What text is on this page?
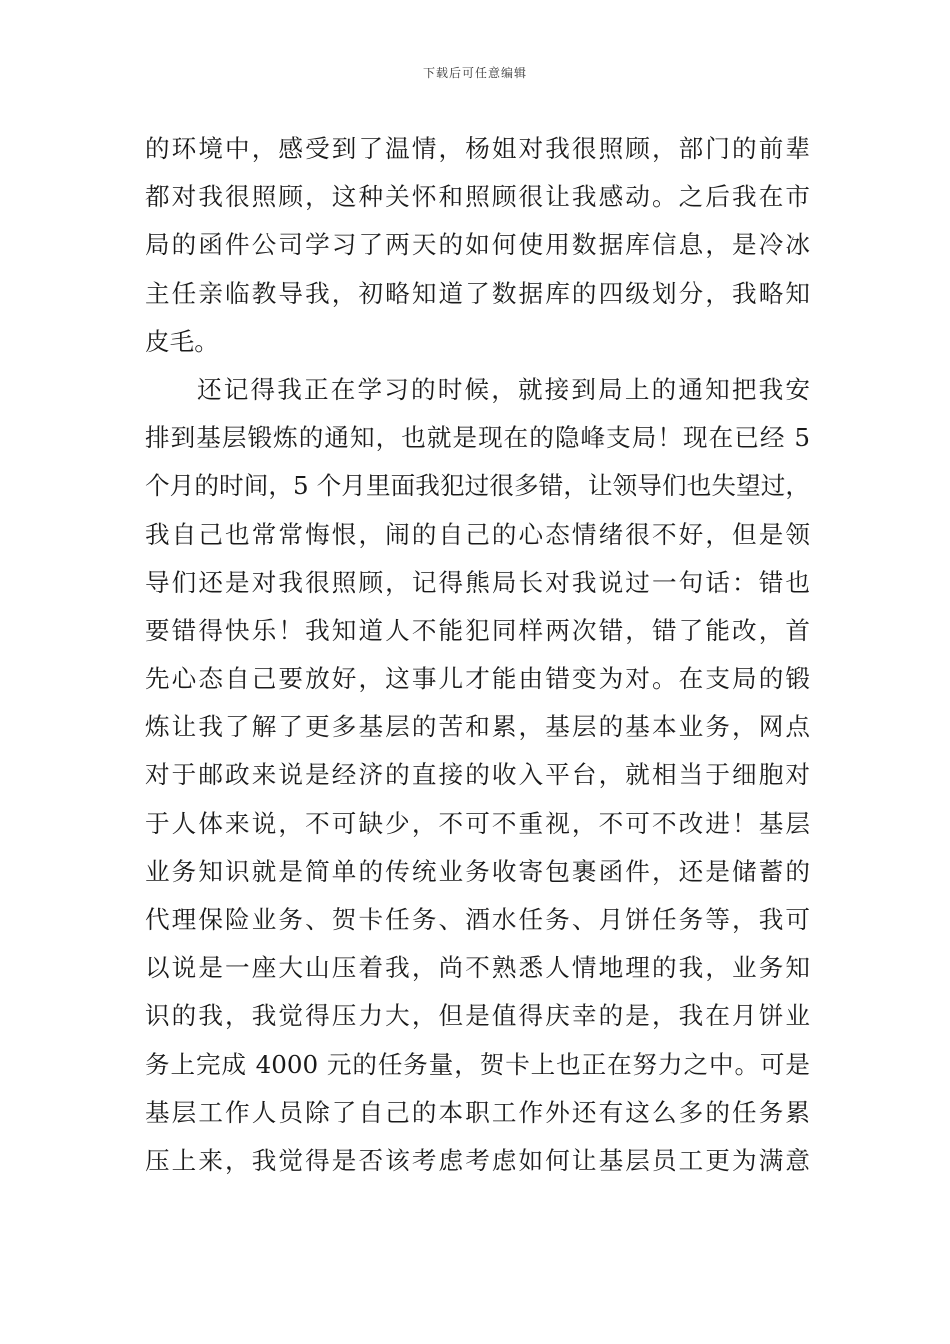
下载后可任意编辑
的环境中，感受到了温情，杨姐对我很照顾，部门的前辈
都对我很照顾，这种关怀和照顾很让我感动。之后我在市
局的函件公司学习了两天的如何使用数据库信息，是冷冰
主任亲临教导我，初略知道了数据库的四级划分，我略知
皮毛。
还记得我正在学习的时候，就接到局上的通知把我安
排到基层锻炼的通知，也就是现在的隐峰支局！现在已经 5
个月的时间，5 个月里面我犯过很多错，让领导们也失望过，
我自己也常常悔恨，闹的自己的心态情绪很不好，但是领
导们还是对我很照顾，记得熊局长对我说过一句话：错也
要错得快乐！我知道人不能犯同样两次错，错了能改，首
先心态自己要放好，这事儿才能由错变为对。在支局的锻
炼让我了解了更多基层的苦和累，基层的基本业务，网点
对于邮政来说是经济的直接的收入平台，就相当于细胞对
于人体来说，不可缺少，不可不重视，不可不改进！基层
业务知识就是简单的传统业务收寄包裹函件，还是储蓄的
代理保险业务、贺卡任务、酒水任务、月饼任务等，我可
以说是一座大山压着我，尚不熟悉人情地理的我，业务知
识的我，我觉得压力大，但是值得庆幸的是，我在月饼业
务上完成 4000 元的任务量，贺卡上也正在努力之中。可是
基层工作人员除了自己的本职工作外还有这么多的任务累
压上来，我觉得是否该考虑考虑如何让基层员工更为满意
